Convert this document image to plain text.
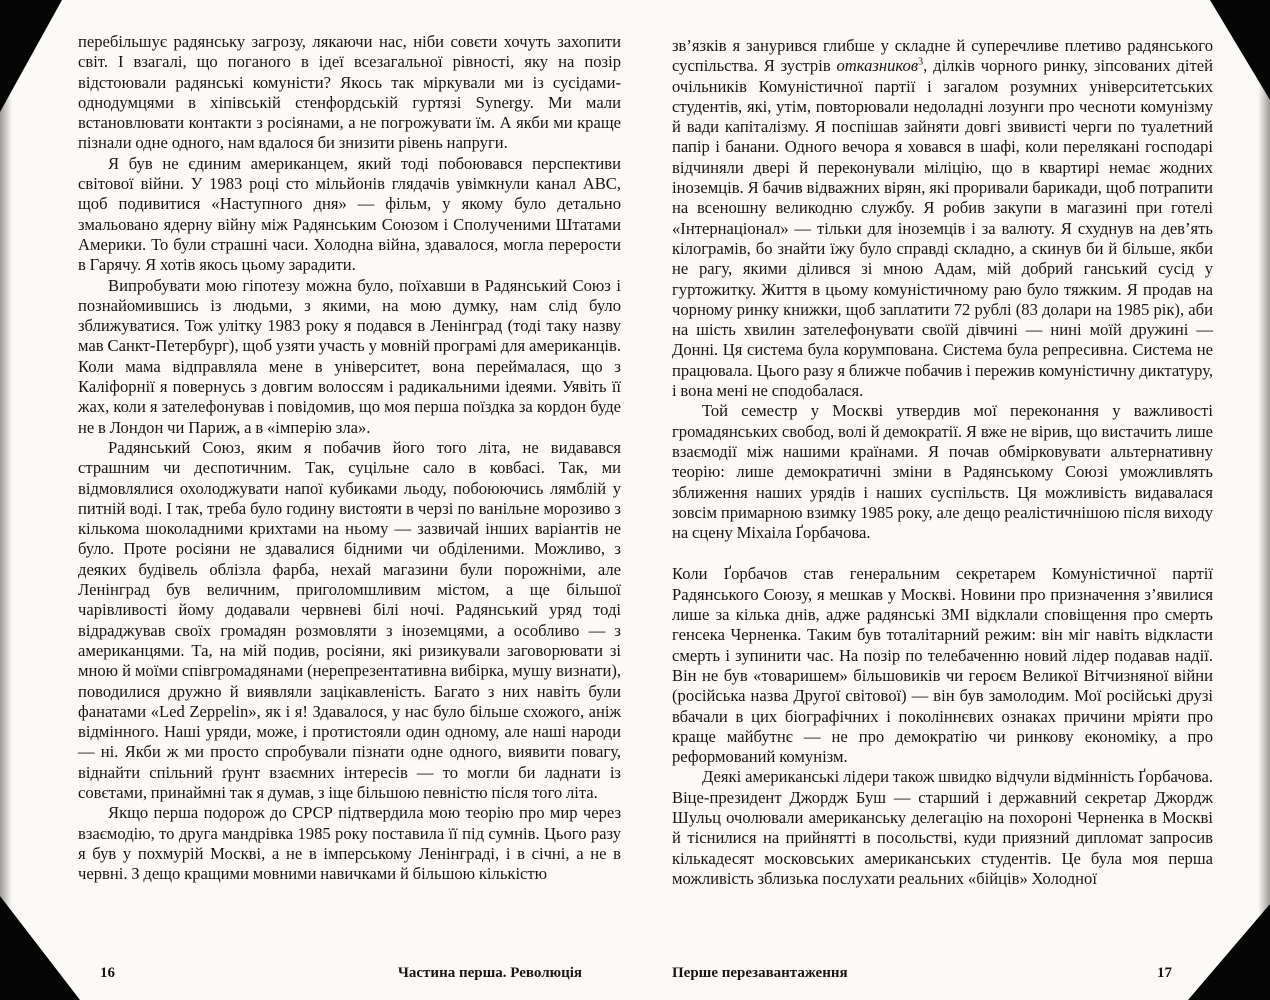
перебільшує радянську загрозу, лякаючи нас, ніби совєти хочуть захопити світ. І взагалі, що поганого в ідеї всезагальної рівності, яку на позір відстоювали радянські комуністи? Якось так міркували ми із сусідами-однодумцями в хіпівській стенфордській гуртязі Synergy. Ми мали встановлювати контакти з росіянами, а не погрожувати їм. А якби ми краще пізнали одне одного, нам вдалося би знизити рівень напруги.

Я був не єдиним американцем, який тоді побоювався перспективи світової війни. У 1983 році сто мільйонів глядачів увімкнули канал ABC, щоб подивитися «Наступного дня» — фільм, у якому було детально змальовано ядерну війну між Радянським Союзом і Сполученими Штатами Америки. То були страшні часи. Холодна війна, здавалося, могла перерости в Гарячу. Я хотів якось цьому зарадити.

Випробувати мою гіпотезу можна було, поїхавши в Радянський Союз і познайомившись із людьми, з якими, на мою думку, нам слід було зближуватися. Тож улітку 1983 року я подався в Ленінград (тоді таку назву мав Санкт-Петербург), щоб узяти участь у мовній програмі для американців. Коли мама відправляла мене в університет, вона переймалася, що з Каліфорнії я повернусь з довгим волоссям і радикальними ідеями. Уявіть її жах, коли я зателефонував і повідомив, що моя перша поїздка за кордон буде не в Лондон чи Париж, а в «імперію зла».

Радянський Союз, яким я побачив його того літа, не видавався страшним чи деспотичним. Так, суцільне сало в ковбасі. Так, ми відмовлялися охолоджувати напої кубиками льоду, побоюючись лямблій у питній воді. І так, треба було годину вистояти в черзі по ванільне морозиво з кількома шоколадними крихтами на ньому — зазвичай інших варіантів не було. Проте росіяни не здавалися бідними чи обділеними. Можливо, з деяких будівель облізла фарба, нехай магазини були порожніми, але Ленінград був величним, приголомшливим містом, а ще більшої чарівливості йому додавали червневі білі ночі. Радянський уряд тоді відраджував своїх громадян розмовляти з іноземцями, а особливо — з американцями. Та, на мій подив, росіяни, які ризикували заговорювати зі мною й моїми співгромадянами (нерепрезентативна вибірка, мушу визнати), поводилися дружно й виявляли зацікавленість. Багато з них навіть були фанатами «Led Zeppelin», як і я! Здавалося, у нас було більше схожого, аніж відмінного. Наші уряди, може, і протистояли один одному, але наші народи — ні. Якби ж ми просто спробували пізнати одне одного, виявити повагу, віднайти спільний ґрунт взаємних інтересів — то могли би ладнати із совєтами, принаймні так я думав, з іще більшою певністю після того літа.

Якщо перша подорож до СРСР підтвердила мою теорію про мир через взаємодію, то друга мандрівка 1985 року поставила її під сумнів. Цього разу я був у похмурій Москві, а не в імперському Ленінграді, і в січні, а не в червні. З дещо кращими мовними навичками й більшою кількістю

16	Частина перша. Революція

зв’язків я занурився глибше у складне й суперечливе плетиво радянського суспільства. Я зустрів отказников$^3$, ділків чорного ринку, зіпсованих дітей очільників Комуністичної партії і загалом розумних університетських студентів, які, утім, повторювали недоладні лозунги про чесноти комунізму й вади капіталізму. Я поспішав зайняти довгі звивисті черги по туалетний папір і банани. Одного вечора я ховався в шафі, коли перелякані господарі відчиняли двері й переконували міліцію, що в квартирі немає жодних іноземців. Я бачив відважних вірян, які проривали барикади, щоб потрапити на всеношну великодню службу. Я робив закупи в магазині при готелі «Інтернаціонал» — тільки для іноземців і за валюту. Я схуднув на дев’ять кілограмів, бо знайти їжу було справді складно, а скинув би й більше, якби не рагу, якими ділився зі мною Адам, мій добрий ганський сусід у гуртожитку. Життя в цьому комуністичному раю було тяжким. Я продав на чорному ринку книжки, щоб заплатити 72 рублі (83 долари на 1985 рік), аби на шість хвилин зателефонувати своїй дівчині — нині моїй дружині — Донні. Ця система була корумпована. Система була репресивна. Система не працювала. Цього разу я ближче побачив і пережив комуністичну диктатуру, і вона мені не сподобалася.

Той семестр у Москві утвердив мої переконання у важливості громадянських свобод, волі й демократії. Я вже не вірив, що вистачить лише взаємодії між нашими країнами. Я почав обмірковувати альтернативну теорію: лише демократичні зміни в Радянському Союзі уможливлять зближення наших урядів і наших суспільств. Ця можливість видавалася зовсім примарною взимку 1985 року, але дещо реалістичнішою після виходу на сцену Міхаіла Ґорбачова.

Коли Ґорбачов став генеральним секретарем Комуністичної партії Радянського Союзу, я мешкав у Москві. Новини про призначення з’явилися лише за кілька днів, адже радянські ЗМІ відклали сповіщення про смерть генсека Черненка. Таким був тоталітарний режим: він міг навіть відкласти смерть і зупинити час. На позір по телебаченню новий лідер подавав надії. Він не був «товаришем» більшовиків чи героєм Великої Вітчизняної війни (російська назва Другої світової) — він був замолодим. Мої російські друзі вбачали в цих біографічних і поколіннєвих ознаках причини мріяти про краще майбутнє — не про демократію чи ринкову економіку, а про реформований комунізм.

Деякі американські лідери також швидко відчули відмінність Ґорбачова. Віце-президент Джордж Буш — старший і державний секретар Джордж Шульц очолювали американську делегацію на похороні Черненка в Москві й тіснилися на прийнятті в посольстві, куди приязний дипломат запросив кількадесят московських американських студентів. Це була моя перша можливість зблизька послухати реальних «бійців» Холодної

Перше перезавантаження	17
